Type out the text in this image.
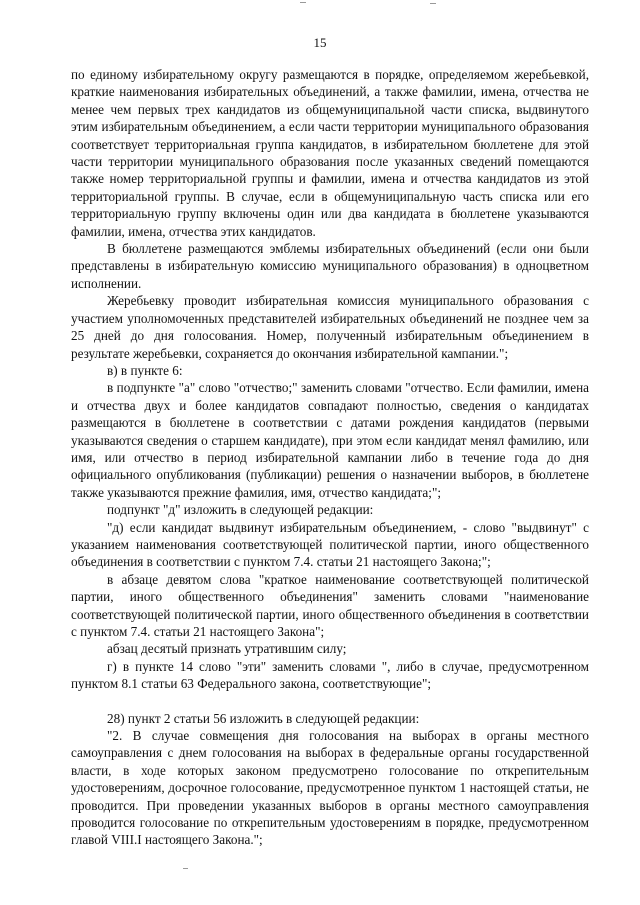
15

по единому избирательному округу размещаются в порядке, определяемом жеребьевкой, краткие наименования избирательных объединений, а также фамилии, имена, отчества не менее чем первых трех кандидатов из общемуниципальной части списка, выдвинутого этим избирательным объединением, а если части территории муниципального образования соответствует территориальная группа кандидатов, в избирательном бюллетене для этой части территории муниципального образования после указанных сведений помещаются также номер территориальной группы и фамилии, имена и отчества кандидатов из этой территориальной группы. В случае, если в общемуниципальную часть списка или его территориальную группу включены один или два кандидата в бюллетене указываются фамилии, имена, отчества этих кандидатов.

В бюллетене размещаются эмблемы избирательных объединений (если они были представлены в избирательную комиссию муниципального образования) в одноцветном исполнении.

Жеребьевку проводит избирательная комиссия муниципального образования с участием уполномоченных представителей избирательных объединений не позднее чем за 25 дней до дня голосования. Номер, полученный избирательным объединением в результате жеребьевки, сохраняется до окончания избирательной кампании.";

в) в пункте 6:

в подпункте "а" слово "отчество;" заменить словами "отчество. Если фамилии, имена и отчества двух и более кандидатов совпадают полностью, сведения о кандидатах размещаются в бюллетене в соответствии с датами рождения кандидатов (первыми указываются сведения о старшем кандидате), при этом если кандидат менял фамилию, или имя, или отчество в период избирательной кампании либо в течение года до дня официального опубликования (публикации) решения о назначении выборов, в бюллетене также указываются прежние фамилия, имя, отчество кандидата;";

подпункт "д" изложить в следующей редакции:

"д) если кандидат выдвинут избирательным объединением, - слово "выдвинут" с указанием наименования соответствующей политической партии, иного общественного объединения в соответствии с пунктом 7.4. статьи 21 настоящего Закона;";

в абзаце девятом слова "краткое наименование соответствующей политической партии, иного общественного объединения" заменить словами "наименование соответствующей политической партии, иного общественного объединения в соответствии с пунктом 7.4. статьи 21 настоящего Закона";

абзац десятый признать утратившим силу;

г) в пункте 14 слово "эти" заменить словами ", либо в случае, предусмотренном пунктом 8.1 статьи 63 Федерального закона, соответствующие";

28) пункт 2 статьи 56 изложить в следующей редакции:

"2. В случае совмещения дня голосования на выборах в органы местного самоуправления с днем голосования на выборах в федеральные органы государственной власти, в ходе которых законом предусмотрено голосование по открепительным удостоверениям, досрочное голосование, предусмотренное пунктом 1 настоящей статьи, не проводится. При проведении указанных выборов в органы местного самоуправления проводится голосование по открепительным удостоверениям в порядке, предусмотренном главой VIII.I настоящего Закона.";
